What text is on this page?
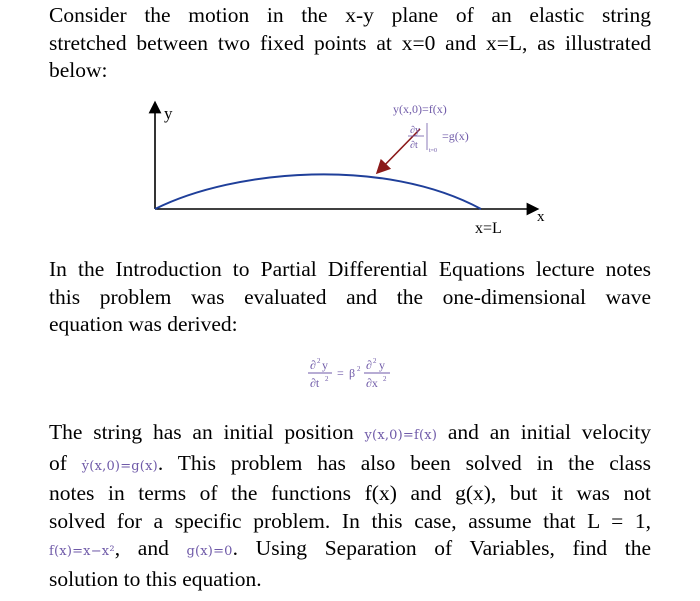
Consider the motion in the x-y plane of an elastic string
stretched between two fixed points at x=0 and x=L, as illustrated
below:
y
x
x=L
y(x,0)=f(x)
∂y
∂t t=0
=g(x)
In the Introduction to Partial Differential Equations lecture notes
this problem was evaluated and the one-dimensional wave
equation was derived:
∂ 2 y
∂t 2 = β 2 ∂ 2 y
∂x 2
The string has an initial position y(x,0)=f(x) and an initial velocity
of ẏ(x,0)=g(x). This problem has also been solved in the class
notes in terms of the functions f(x) and g(x), but it was not
solved for a specific problem. In this case, assume that L = 1,
f(x)=x−x², and g(x)=0. Using Separation of Variables, find the
solution to this equation.
